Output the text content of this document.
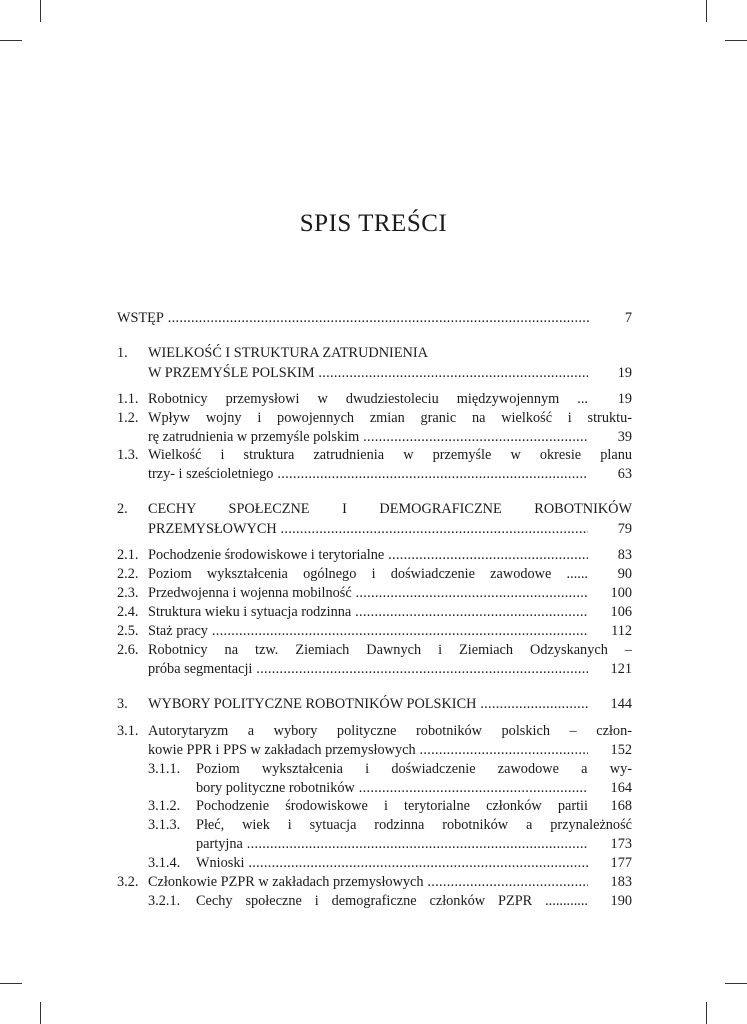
SPIS TREŚCI
WSTĘP .....	7
1. WIELKOŚĆ I STRUKTURA ZATRUDNIENIA
W PRZEMYŚLE POLSKIM .....	19
1.1. Robotnicy przemysłowi w dwudziestoleciu międzywojennym ...	19
1.2. Wpływ wojny i powojennych zmian granic na wielkość i struktu-
rę zatrudnienia w przemyśle polskim .....	39
1.3. Wielkość i struktura zatrudnienia w przemyśle w okresie planu
trzy- i sześcioletniego .....	63
2. CECHY SPOŁECZNE I DEMOGRAFICZNE ROBOTNIKÓW
PRZEMYSŁOWYCH .....	79
2.1. Pochodzenie środowiskowe i terytorialne .....	83
2.2. Poziom wykształcenia ogólnego i doświadczenie zawodowe ......	90
2.3. Przedwojenna i wojenna mobilność .....	100
2.4. Struktura wieku i sytuacja rodzinna .....	106
2.5. Staż pracy .....	112
2.6. Robotnicy na tzw. Ziemiach Dawnych i Ziemiach Odzyskanych –
próba segmentacji .....	121
3. WYBORY POLITYCZNE ROBOTNIKÓW POLSKICH .....	144
3.1. Autorytaryzm a wybory polityczne robotników polskich – człon-
kowie PPR i PPS w zakładach przemysłowych .....	152
3.1.1. Poziom wykształcenia i doświadczenie zawodowe a wy-
bory polityczne robotników .....	164
3.1.2. Pochodzenie środowiskowe i terytorialne członków partii	168
3.1.3. Płeć, wiek i sytuacja rodzinna robotników a przynależność
partyjna .....	173
3.1.4. Wnioski .....	177
3.2. Członkowie PZPR w zakładach przemysłowych .....	183
3.2.1. Cechy społeczne i demograficzne członków PZPR ............	190
